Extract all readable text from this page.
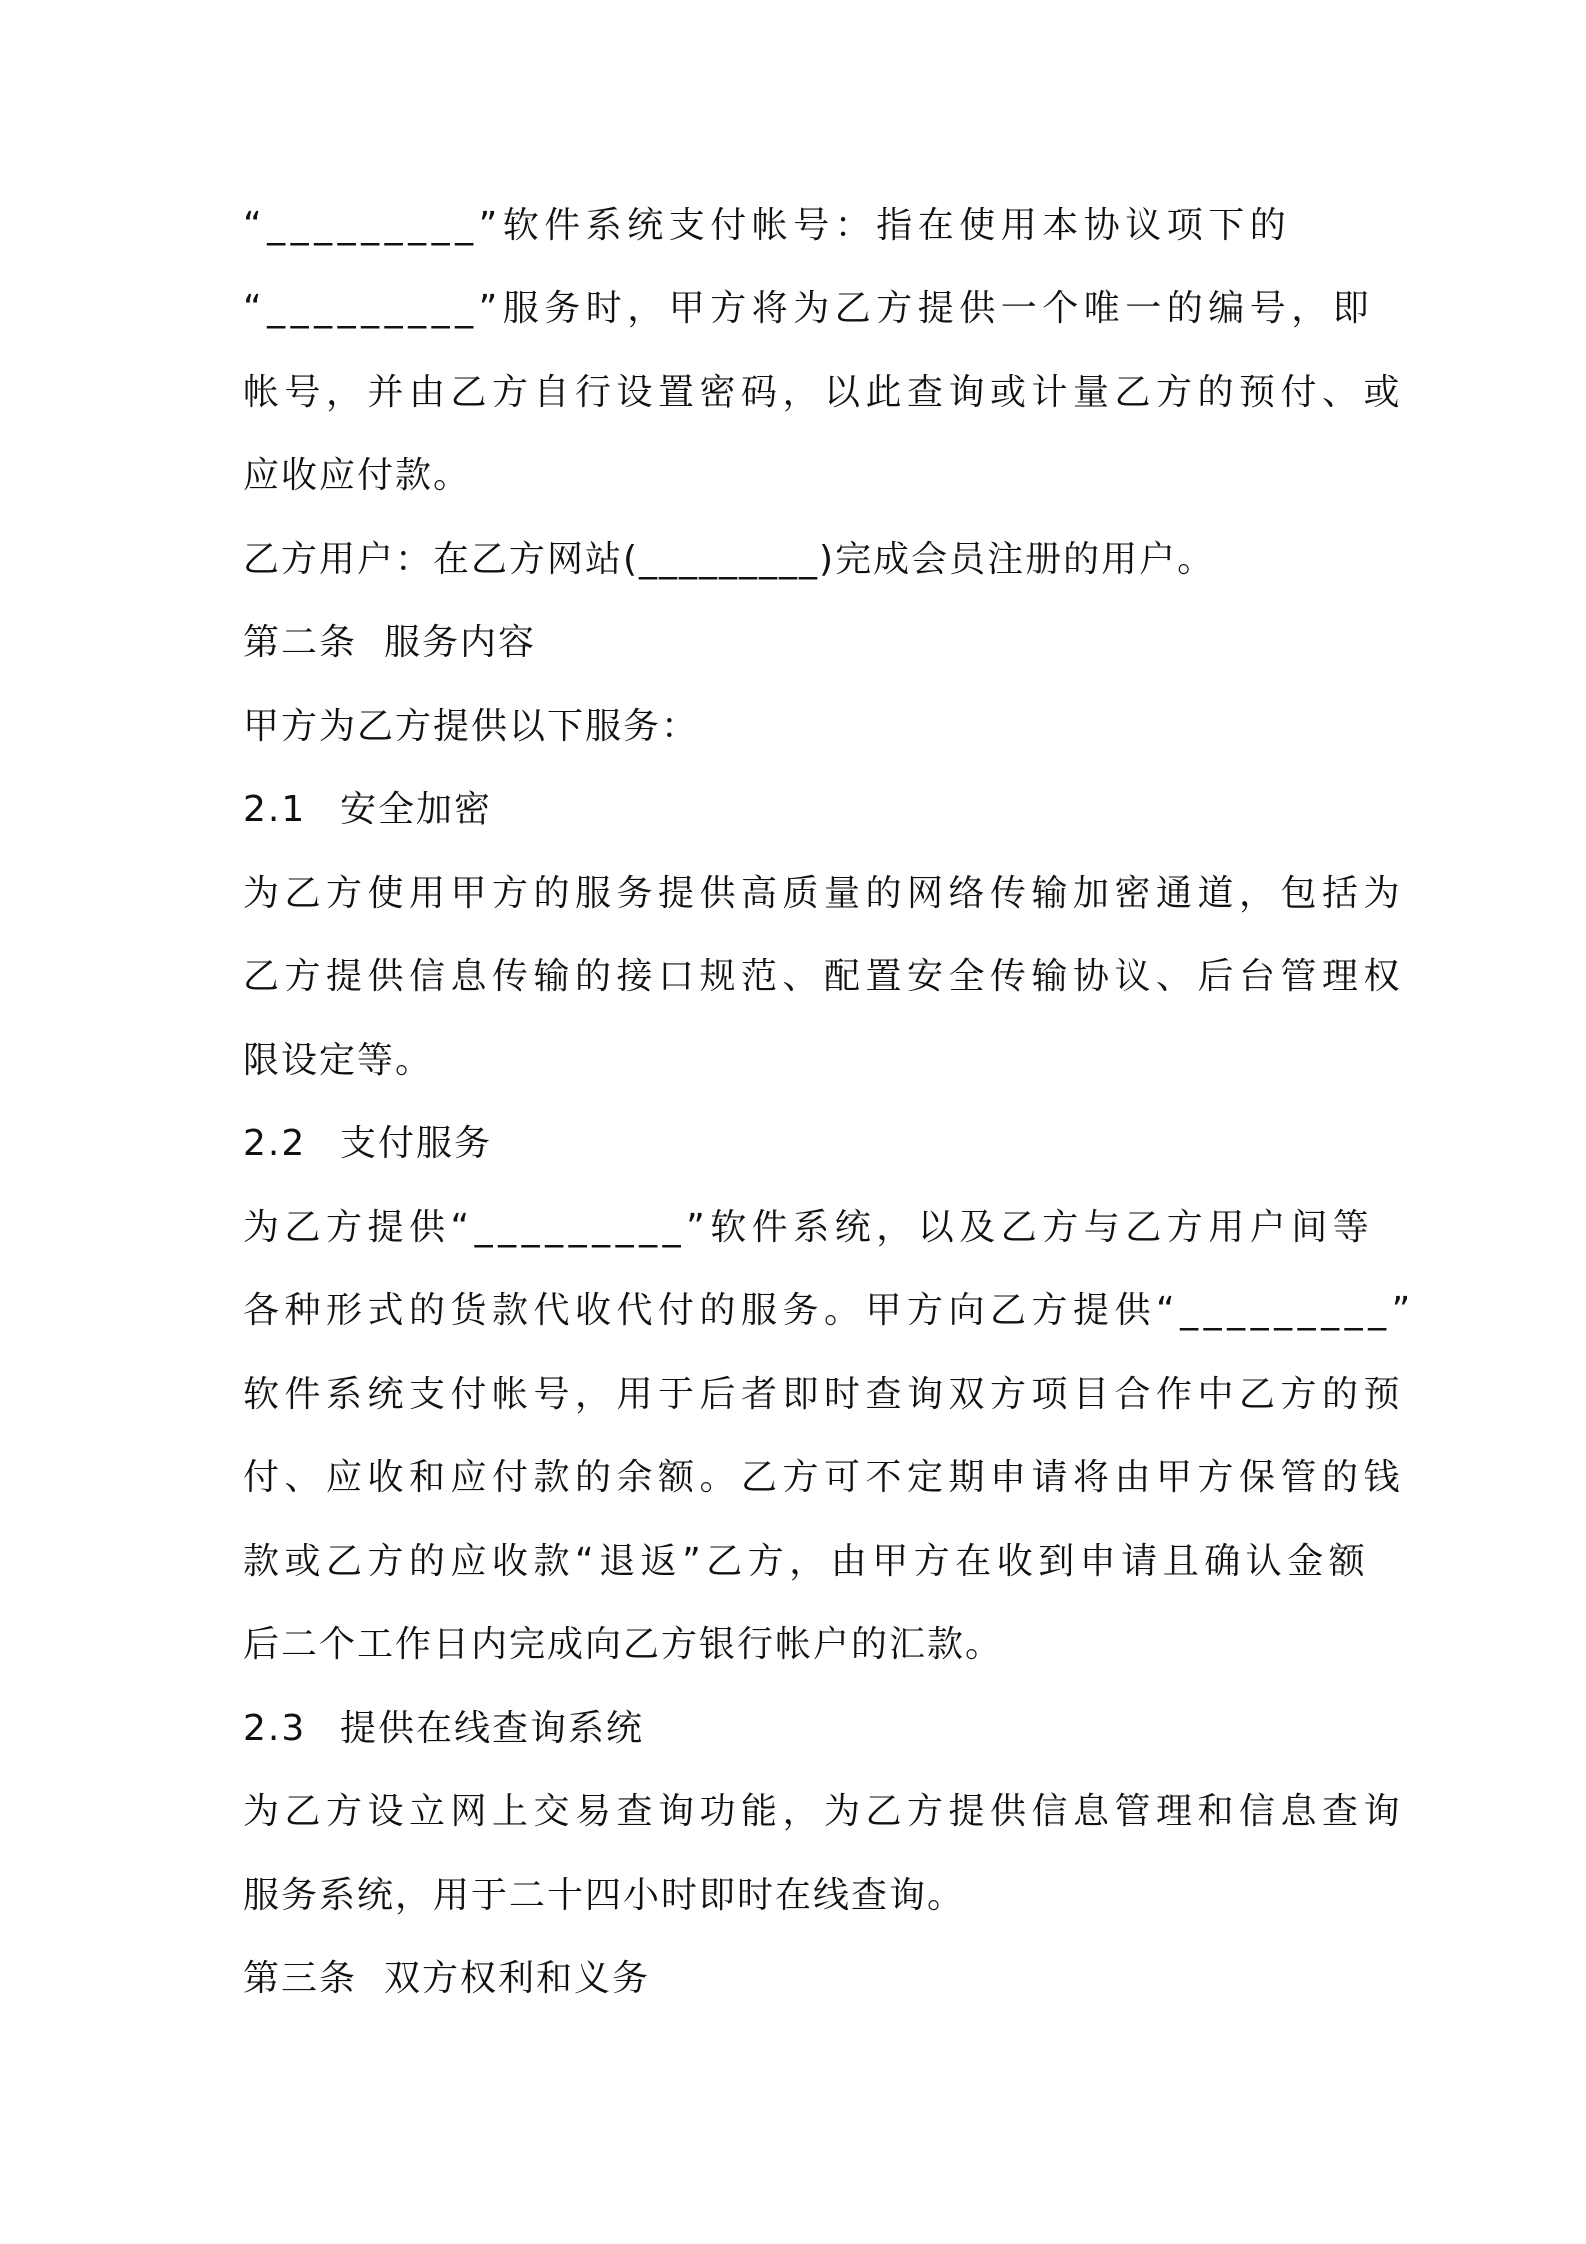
“_________”软件系统支付帐号：指在使用本协议项下的
“_________”服务时，甲方将为乙方提供一个唯一的编号，即
帐号，并由乙方自行设置密码，以此查询或计量乙方的预付、或
应收应付款。
乙方用户：在乙方网站(_________)完成会员注册的用户。
第二条 服务内容
甲方为乙方提供以下服务：
2.1 安全加密
为乙方使用甲方的服务提供高质量的网络传输加密通道，包括为
乙方提供信息传输的接口规范、配置安全传输协议、后台管理权
限设定等。
2.2 支付服务
为乙方提供“_________”软件系统，以及乙方与乙方用户间等
各种形式的货款代收代付的服务。甲方向乙方提供“_________”
软件系统支付帐号，用于后者即时查询双方项目合作中乙方的预
付、应收和应付款的余额。乙方可不定期申请将由甲方保管的钱
款或乙方的应收款“退返”乙方，由甲方在收到申请且确认金额
后二个工作日内完成向乙方银行帐户的汇款。
2.3 提供在线查询系统
为乙方设立网上交易查询功能，为乙方提供信息管理和信息查询
服务系统，用于二十四小时即时在线查询。
第三条 双方权利和义务
